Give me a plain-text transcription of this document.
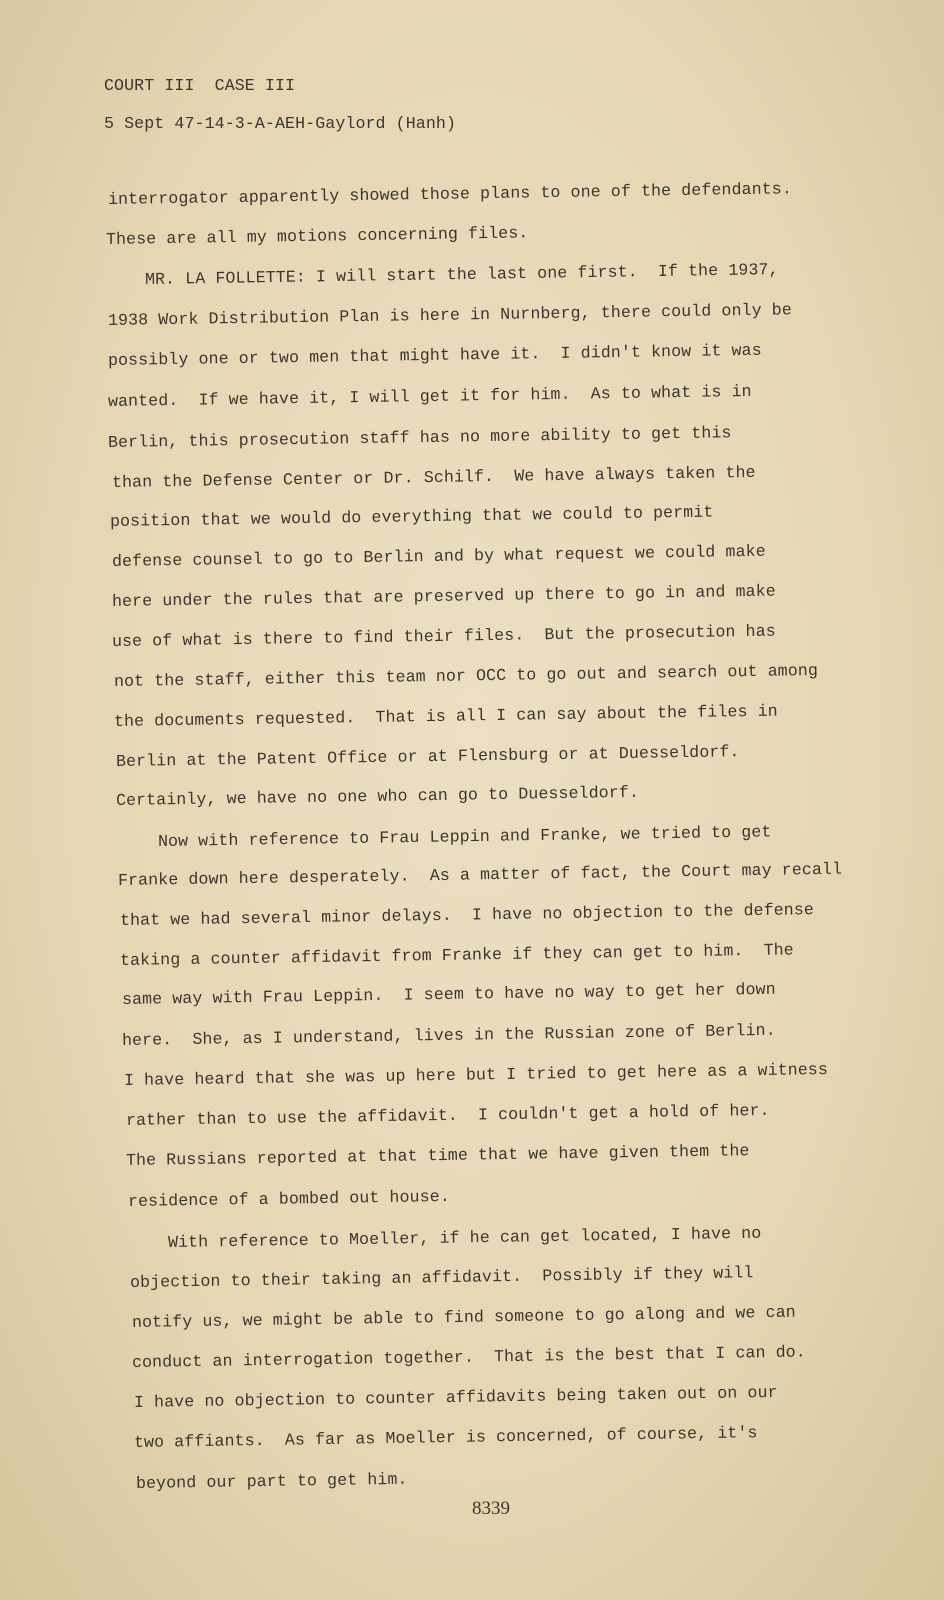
COURT III  CASE III
5 Sept 47-14-3-A-AEH-Gaylord (Hanh)
interrogator apparently showed those plans to one of the defendants.
These are all my motions concerning files.
MR. LA FOLLETTE: I will start the last one first.  If the 1937,
1938 Work Distribution Plan is here in Nurnberg, there could only be
possibly one or two men that might have it.  I didn't know it was
wanted.  If we have it, I will get it for him.  As to what is in
Berlin, this prosecution staff has no more ability to get this
than the Defense Center or Dr. Schilf.  We have always taken the
position that we would do everything that we could to permit
defense counsel to go to Berlin and by what request we could make
here under the rules that are preserved up there to go in and make
use of what is there to find their files.  But the prosecution has
not the staff, either this team nor OCC to go out and search out among
the documents requested.  That is all I can say about the files in
Berlin at the Patent Office or at Flensburg or at Duesseldorf.
Certainly, we have no one who can go to Duesseldorf.
Now with reference to Frau Leppin and Franke, we tried to get
Franke down here desperately.  As a matter of fact, the Court may recall
that we had several minor delays.  I have no objection to the defense
taking a counter affidavit from Franke if they can get to him.  The
same way with Frau Leppin.  I seem to have no way to get her down
here.  She, as I understand, lives in the Russian zone of Berlin.
I have heard that she was up here but I tried to get here as a witness
rather than to use the affidavit.  I couldn't get a hold of her.
The Russians reported at that time that we have given them the
residence of a bombed out house.
With reference to Moeller, if he can get located, I have no
objection to their taking an affidavit.  Possibly if they will
notify us, we might be able to find someone to go along and we can
conduct an interrogation together.  That is the best that I can do.
I have no objection to counter affidavits being taken out on our
two affiants.  As far as Moeller is concerned, of course, it's
beyond our part to get him.
8339
